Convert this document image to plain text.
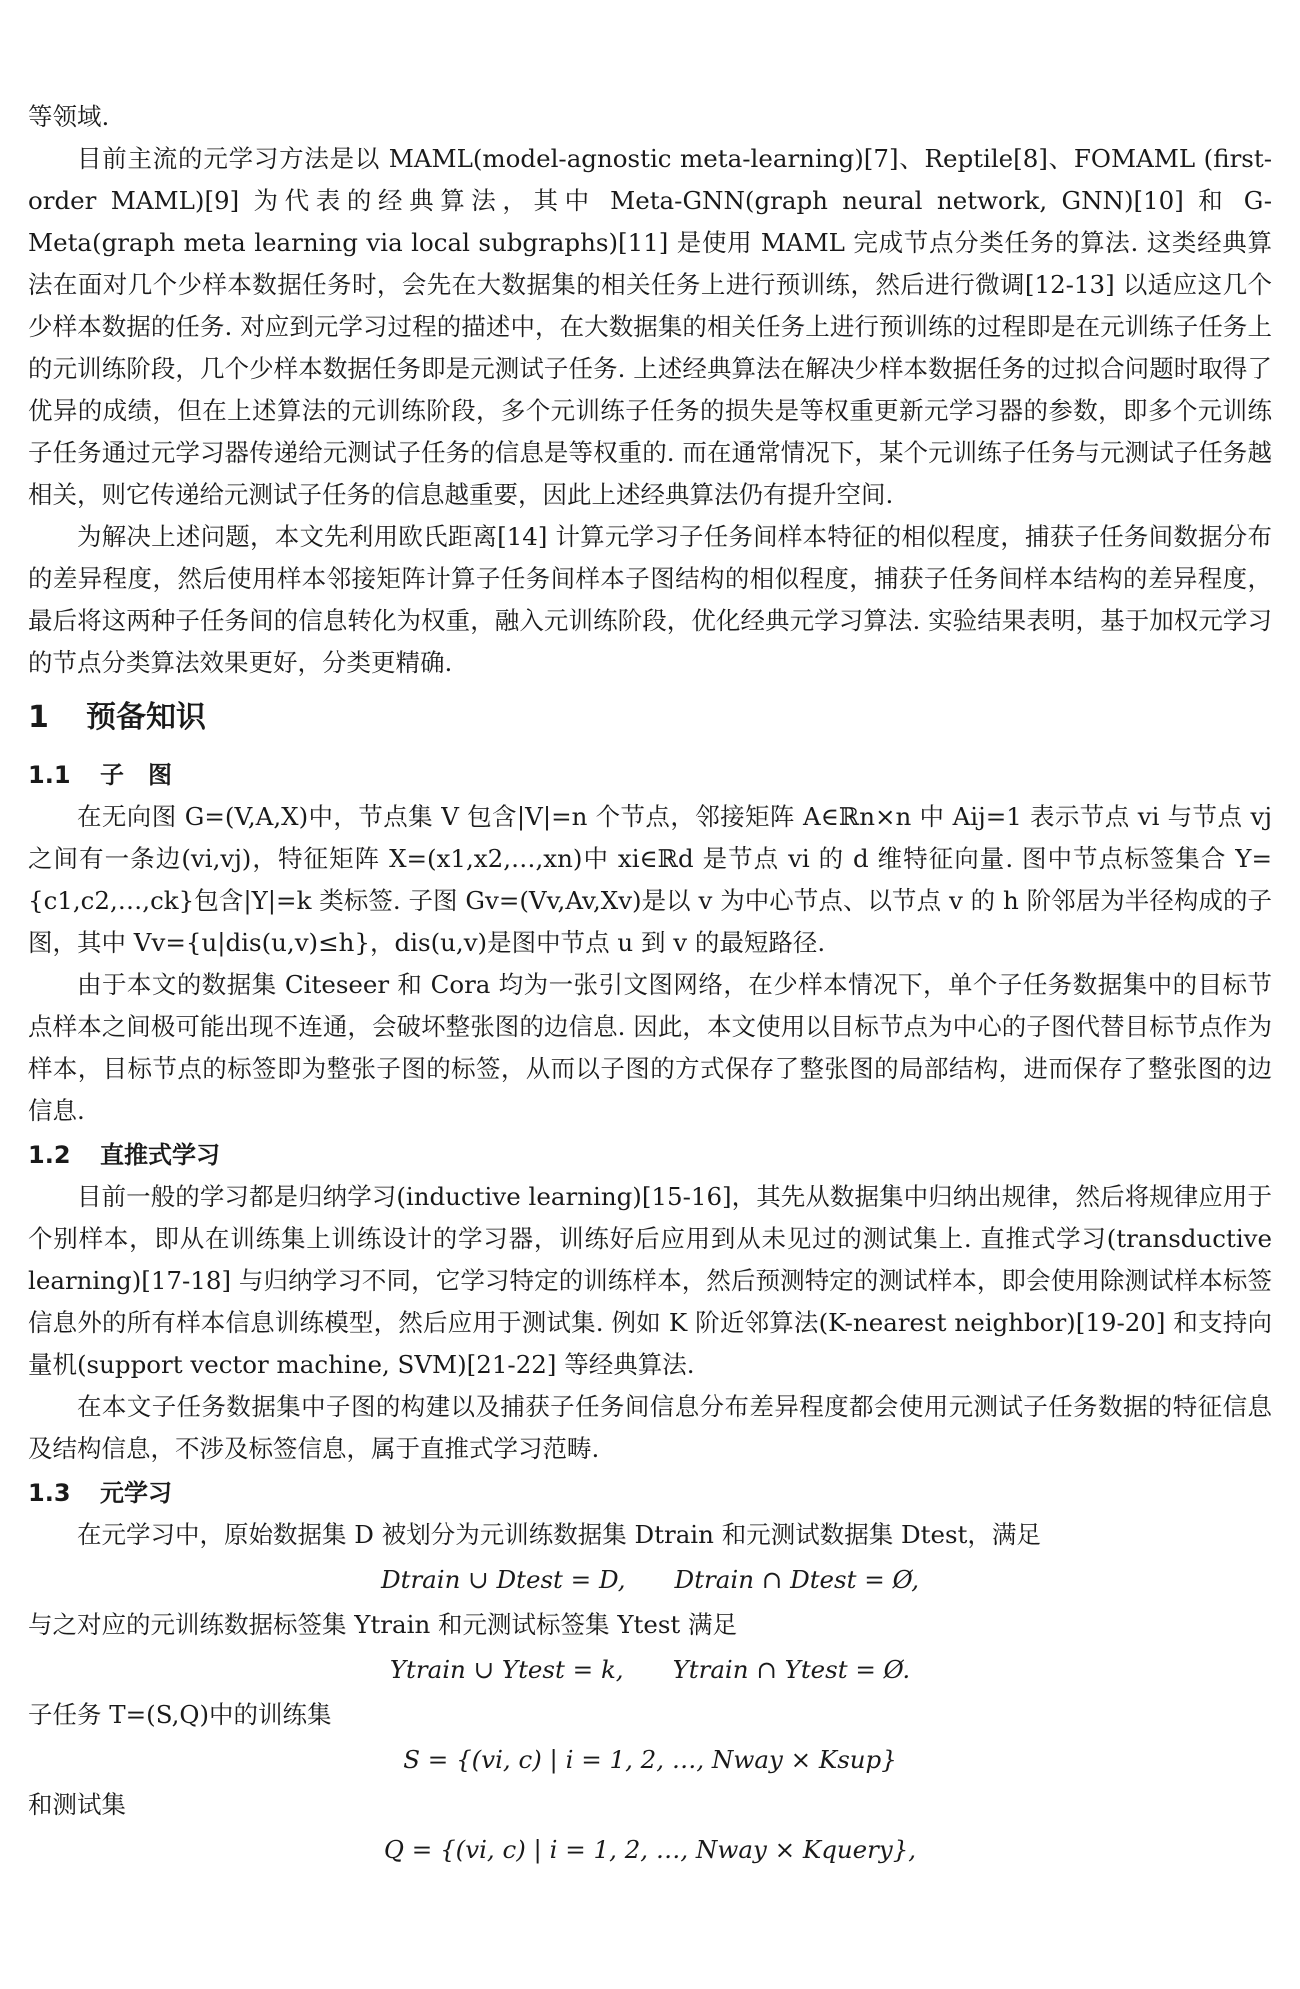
等领域.

目前主流的元学习方法是以 MAML(model-agnostic meta-learning)[7]、Reptile[8]、FOMAML (first-order MAML)[9] 为代表的经典算法，其中 Meta-GNN(graph neural network, GNN)[10] 和 G-Meta(graph meta learning via local subgraphs)[11] 是使用 MAML 完成节点分类任务的算法. 这类经典算法在面对几个少样本数据任务时，会先在大数据集的相关任务上进行预训练，然后进行微调[12-13] 以适应这几个少样本数据的任务. 对应到元学习过程的描述中，在大数据集的相关任务上进行预训练的过程即是在元训练子任务上的元训练阶段，几个少样本数据任务即是元测试子任务. 上述经典算法在解决少样本数据任务的过拟合问题时取得了优异的成绩，但在上述算法的元训练阶段，多个元训练子任务的损失是等权重更新元学习器的参数，即多个元训练子任务通过元学习器传递给元测试子任务的信息是等权重的. 而在通常情况下，某个元训练子任务与元测试子任务越相关，则它传递给元测试子任务的信息越重要，因此上述经典算法仍有提升空间.

为解决上述问题，本文先利用欧氏距离[14] 计算元学习子任务间样本特征的相似程度，捕获子任务间数据分布的差异程度，然后使用样本邻接矩阵计算子任务间样本子图结构的相似程度，捕获子任务间样本结构的差异程度，最后将这两种子任务间的信息转化为权重，融入元训练阶段，优化经典元学习算法. 实验结果表明，基于加权元学习的节点分类算法效果更好，分类更精确.

1 预备知识
1.1 子　图

在无向图 G=(V,A,X)中，节点集 V 包含|V|=n 个节点，邻接矩阵 A∈ℝn×n 中 Aij=1 表示节点 vi 与节点 vj 之间有一条边(vi,vj)，特征矩阵 X=(x1,x2,…,xn)中 xi∈ℝd 是节点 vi 的 d 维特征向量. 图中节点标签集合 Y={c1,c2,…,ck}包含|Y|=k 类标签. 子图 Gv=(Vv,Av,Xv)是以 v 为中心节点、以节点 v 的 h 阶邻居为半径构成的子图，其中 Vv={u|dis(u,v)≤h}，dis(u,v)是图中节点 u 到 v 的最短路径.

由于本文的数据集 Citeseer 和 Cora 均为一张引文图网络，在少样本情况下，单个子任务数据集中的目标节点样本之间极可能出现不连通，会破坏整张图的边信息. 因此，本文使用以目标节点为中心的子图代替目标节点作为样本，目标节点的标签即为整张子图的标签，从而以子图的方式保存了整张图的局部结构，进而保存了整张图的边信息.

1.2 直推式学习

目前一般的学习都是归纳学习(inductive learning)[15-16]，其先从数据集中归纳出规律，然后将规律应用于个别样本，即从在训练集上训练设计的学习器，训练好后应用到从未见过的测试集上. 直推式学习(transductive learning)[17-18] 与归纳学习不同，它学习特定的训练样本，然后预测特定的测试样本，即会使用除测试样本标签信息外的所有样本信息训练模型，然后应用于测试集. 例如 K 阶近邻算法(K-nearest neighbor)[19-20] 和支持向量机(support vector machine, SVM)[21-22] 等经典算法.

在本文子任务数据集中子图的构建以及捕获子任务间信息分布差异程度都会使用元测试子任务数据的特征信息及结构信息，不涉及标签信息，属于直推式学习范畴.

1.3 元学习

在元学习中，原始数据集 D 被划分为元训练数据集 Dtrain 和元测试数据集 Dtest，满足

Dtrain ∪ Dtest = D,　　Dtrain ∩ Dtest = Ø,

与之对应的元训练数据标签集 Ytrain 和元测试标签集 Ytest 满足

Ytrain ∪ Ytest = k,　　Ytrain ∩ Ytest = Ø.

子任务 T=(S,Q)中的训练集

S = {(vi, c) | i = 1, 2, …, Nway × Ksup}

和测试集

Q = {(vi, c) | i = 1, 2, …, Nway × Kquery},
